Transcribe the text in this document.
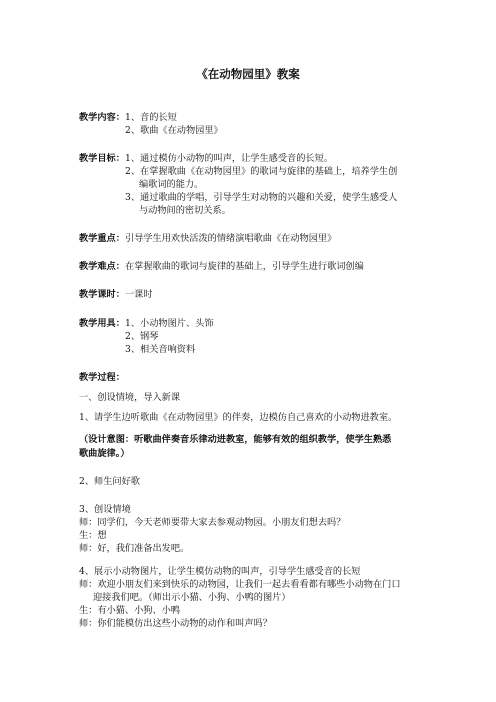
《在动物园里》教案
教学内容： 1、音的长短
2、歌曲《在动物园里》
教学目标： 1、通过模仿小动物的叫声，让学生感受音的长短。
2、在掌握歌曲《在动物园里》的歌词与旋律的基础上，培养学生创
编歌词的能力。
3、通过歌曲的学唱，引导学生对动物的兴趣和关爱，使学生感受人
与动物间的密切关系。
教学重点： 引导学生用欢快活泼的情绪演唱歌曲《在动物园里》
教学难点： 在掌握歌曲的歌词与旋律的基础上，引导学生进行歌词创编
教学课时： 一课时
教学用具： 1、小动物图片、头饰
2、钢琴
3、相关音响资料
教学过程：
一、创设情境，导入新课
1、请学生边听歌曲《在动物园里》的伴奏，边模仿自己喜欢的小动物进教室。
（设计意图：听歌曲伴奏音乐律动进教室，能够有效的组织教学，使学生熟悉
歌曲旋律。）
2、师生问好歌
3、创设情境
师：同学们，今天老师要带大家去参观动物园。小朋友们想去吗？
生：想
师：好，我们准备出发吧。
4、展示小动物图片，让学生模仿动物的叫声，引导学生感受音的长短
师：欢迎小朋友们来到快乐的动物园，让我们一起去看看都有哪些小动物在门口
迎接我们吧。（师出示小猫、小狗、小鸭的图片）
生：有小猫、小狗、小鸭
师：你们能模仿出这些小动物的动作和叫声吗？
